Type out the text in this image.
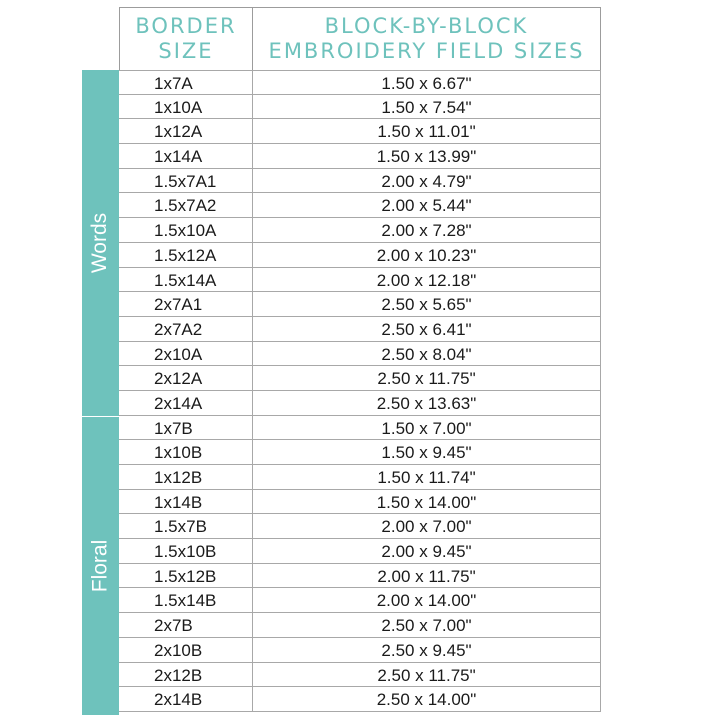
BORDER
SIZE
BLOCK-BY-BLOCK
EMBROIDERY FIELD SIZES
Words
Floral
1x7A	1.50 x 6.67"
1x10A	1.50 x 7.54"
1x12A	1.50 x 11.01"
1x14A	1.50 x 13.99"
1.5x7A1	2.00 x 4.79"
1.5x7A2	2.00 x 5.44"
1.5x10A	2.00 x 7.28"
1.5x12A	2.00 x 10.23"
1.5x14A	2.00 x 12.18"
2x7A1	2.50 x 5.65"
2x7A2	2.50 x 6.41"
2x10A	2.50 x 8.04"
2x12A	2.50 x 11.75"
2x14A	2.50 x 13.63"
1x7B	1.50 x 7.00"
1x10B	1.50 x 9.45"
1x12B	1.50 x 11.74"
1x14B	1.50 x 14.00"
1.5x7B	2.00 x 7.00"
1.5x10B	2.00 x 9.45"
1.5x12B	2.00 x 11.75"
1.5x14B	2.00 x 14.00"
2x7B	2.50 x 7.00"
2x10B	2.50 x 9.45"
2x12B	2.50 x 11.75"
2x14B	2.50 x 14.00"
